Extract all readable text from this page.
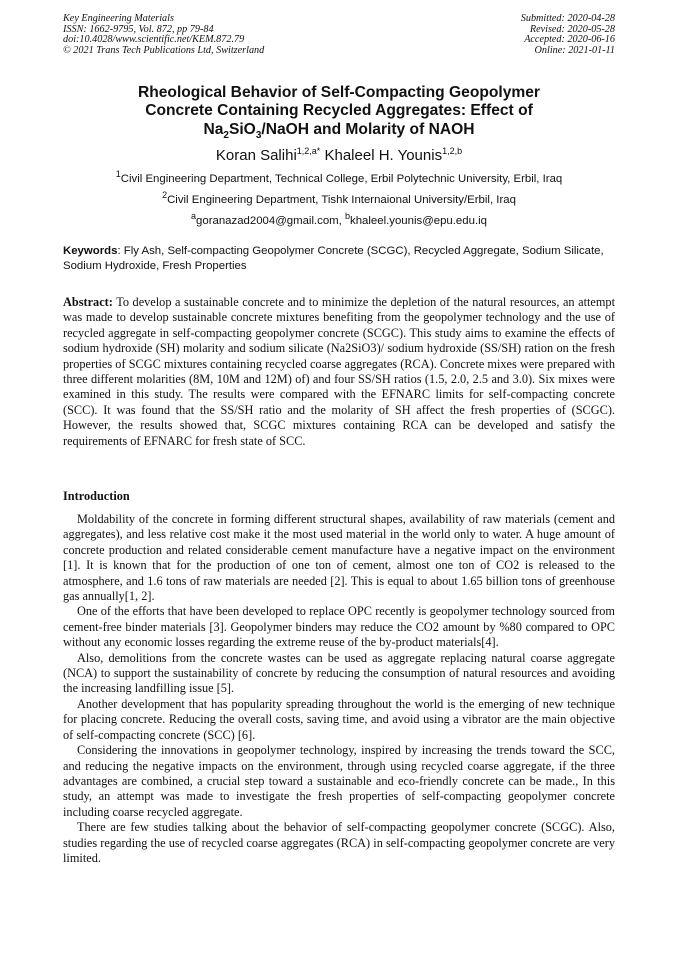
Key Engineering Materials
ISSN: 1662-9795, Vol. 872, pp 79-84
doi:10.4028/www.scientific.net/KEM.872.79
© 2021 Trans Tech Publications Ltd, Switzerland
Submitted: 2020-04-28
Revised: 2020-05-28
Accepted: 2020-06-16
Online: 2021-01-11
Rheological Behavior of Self-Compacting Geopolymer
Concrete Containing Recycled Aggregates: Effect of
$Na_2SiO_3$/NaOH and Molarity of NAOH
Koran Salihi$^{1,2,a*}$ Khaleel H. Younis$^{1,2,b}$
$^1$Civil Engineering Department, Technical College, Erbil Polytechnic University, Erbil, Iraq
$^2$Civil Engineering Department, Tishk Internaional University/Erbil, Iraq
$^a$goranazad2004@gmail.com, $^b$khaleel.younis@epu.edu.iq
Keywords: Fly Ash, Self-compacting Geopolymer Concrete (SCGC), Recycled Aggregate, Sodium Silicate, Sodium Hydroxide, Fresh Properties
Abstract: To develop a sustainable concrete and to minimize the depletion of the natural resources, an attempt was made to develop sustainable concrete mixtures benefiting from the geopolymer technology and the use of recycled aggregate in self-compacting geopolymer concrete (SCGC). This study aims to examine the effects of sodium hydroxide (SH) molarity and sodium silicate (Na2SiO3)/ sodium hydroxide (SS/SH) ration on the fresh properties of SCGC mixtures containing recycled coarse aggregates (RCA). Concrete mixes were prepared with three different molarities (8M, 10M and 12M) of) and four SS/SH ratios (1.5, 2.0, 2.5 and 3.0). Six mixes were examined in this study. The results were compared with the EFNARC limits for self-compacting concrete (SCC). It was found that the SS/SH ratio and the molarity of SH affect the fresh properties of (SCGC). However, the results showed that, SCGC mixtures containing RCA can be developed and satisfy the requirements of EFNARC for fresh state of SCC.
Introduction

Moldability of the concrete in forming different structural shapes, availability of raw materials (cement and aggregates), and less relative cost make it the most used material in the world only to water. A huge amount of concrete production and related considerable cement manufacture have a negative impact on the environment [1]. It is known that for the production of one ton of cement, almost one ton of CO2 is released to the atmosphere, and 1.6 tons of raw materials are needed [2]. This is equal to about 1.65 billion tons of greenhouse gas annually[1, 2].

One of the efforts that have been developed to replace OPC recently is geopolymer technology sourced from cement-free binder materials [3]. Geopolymer binders may reduce the CO2 amount by %80 compared to OPC without any economic losses regarding the extreme reuse of the by-product materials[4].

Also, demolitions from the concrete wastes can be used as aggregate replacing natural coarse aggregate (NCA) to support the sustainability of concrete by reducing the consumption of natural resources and avoiding the increasing landfilling issue [5].

Another development that has popularity spreading throughout the world is the emerging of new technique for placing concrete. Reducing the overall costs, saving time, and avoid using a vibrator are the main objective of self-compacting concrete (SCC) [6].

Considering the innovations in geopolymer technology, inspired by increasing the trends toward the SCC, and reducing the negative impacts on the environment, through using recycled coarse aggregate, if the three advantages are combined, a crucial step toward a sustainable and eco-friendly concrete can be made., In this study, an attempt was made to investigate the fresh properties of self-compacting geopolymer concrete including coarse recycled aggregate.

There are few studies talking about the behavior of self-compacting geopolymer concrete (SCGC). Also, studies regarding the use of recycled coarse aggregates (RCA) in self-compacting geopolymer concrete are very limited.
